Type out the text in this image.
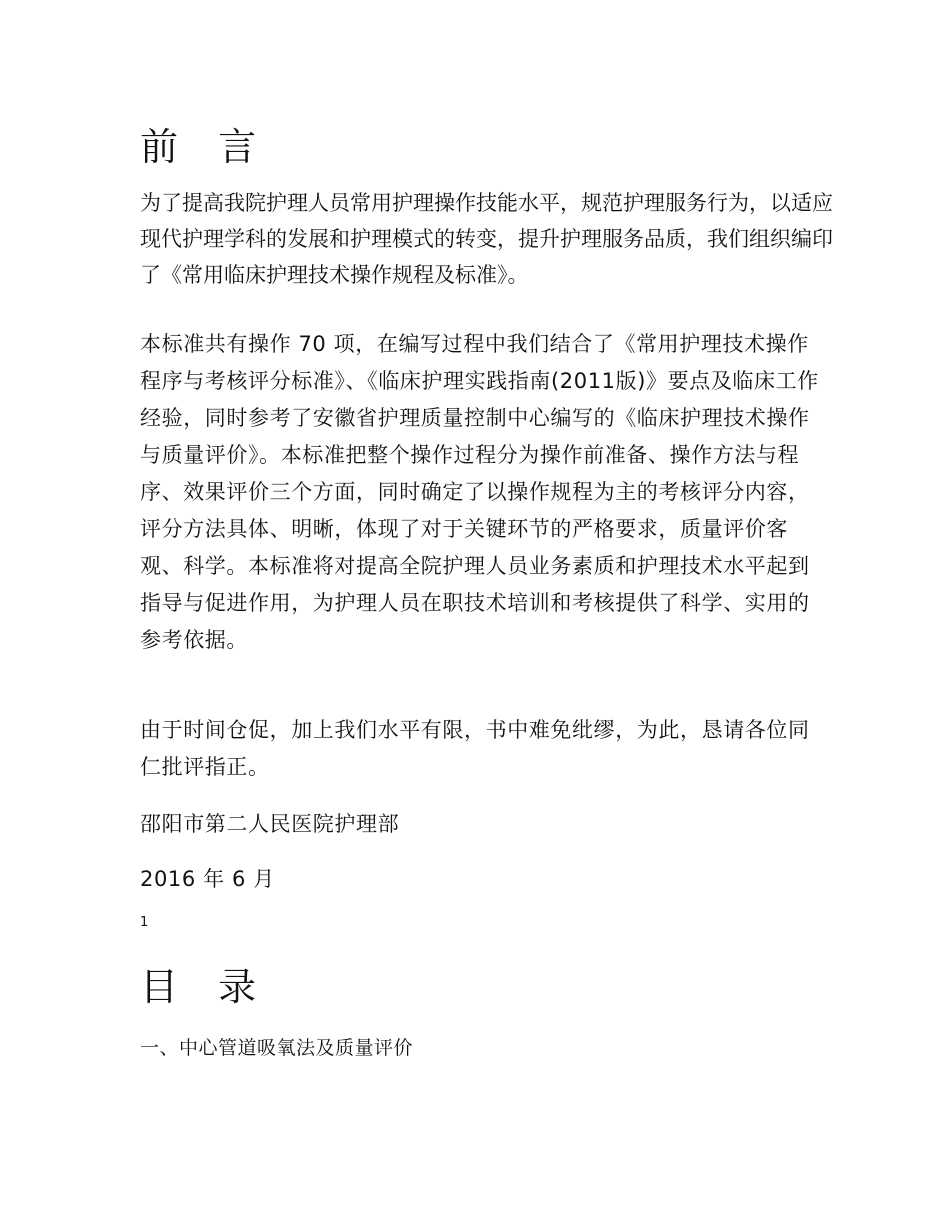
前 言

为了提高我院护理人员常用护理操作技能水平，规范护理服务行为，以适应现代护理学科的发展和护理模式的转变，提升护理服务品质，我们组织编印了《常用临床护理技术操作规程及标准》。

本标准共有操作 70 项，在编写过程中我们结合了《常用护理技术操作程序与考核评分标准》、《临床护理实践指南(2011版)》要点及临床工作经验，同时参考了安徽省护理质量控制中心编写的《临床护理技术操作与质量评价》。本标准把整个操作过程分为操作前准备、操作方法与程序、效果评价三个方面，同时确定了以操作规程为主的考核评分内容，评分方法具体、明晰，体现了对于关键环节的严格要求，质量评价客观、科学。本标准将对提高全院护理人员业务素质和护理技术水平起到指导与促进作用，为护理人员在职技术培训和考核提供了科学、实用的参考依据。

由于时间仓促，加上我们水平有限，书中难免纰缪，为此，恳请各位同仁批评指正。

邵阳市第二人民医院护理部

2016 年 6 月

1

目 录

一、中心管道吸氧法及质量评价
